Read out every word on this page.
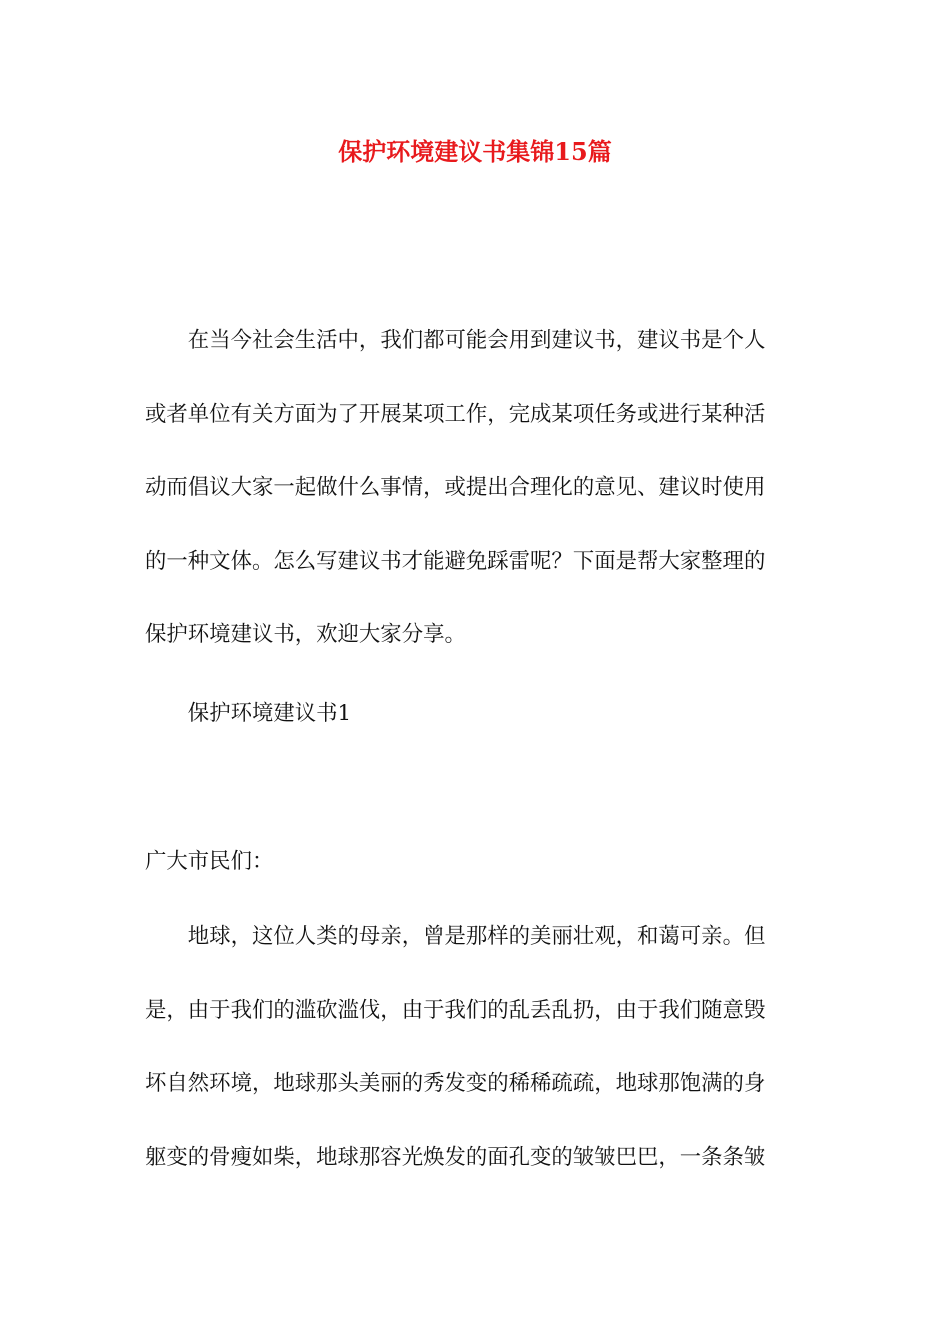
保护环境建议书集锦15篇
在当今社会生活中，我们都可能会用到建议书，建议书是个人
或者单位有关方面为了开展某项工作，完成某项任务或进行某种活
动而倡议大家一起做什么事情，或提出合理化的意见、建议时使用
的一种文体。怎么写建议书才能避免踩雷呢？下面是帮大家整理的
保护环境建议书，欢迎大家分享。
保护环境建议书1
广大市民们：
地球，这位人类的母亲，曾是那样的美丽壮观，和蔼可亲。但
是，由于我们的滥砍滥伐，由于我们的乱丢乱扔，由于我们随意毁
坏自然环境，地球那头美丽的秀发变的稀稀疏疏，地球那饱满的身
躯变的骨瘦如柴，地球那容光焕发的面孔变的皱皱巴巴，一条条皱
